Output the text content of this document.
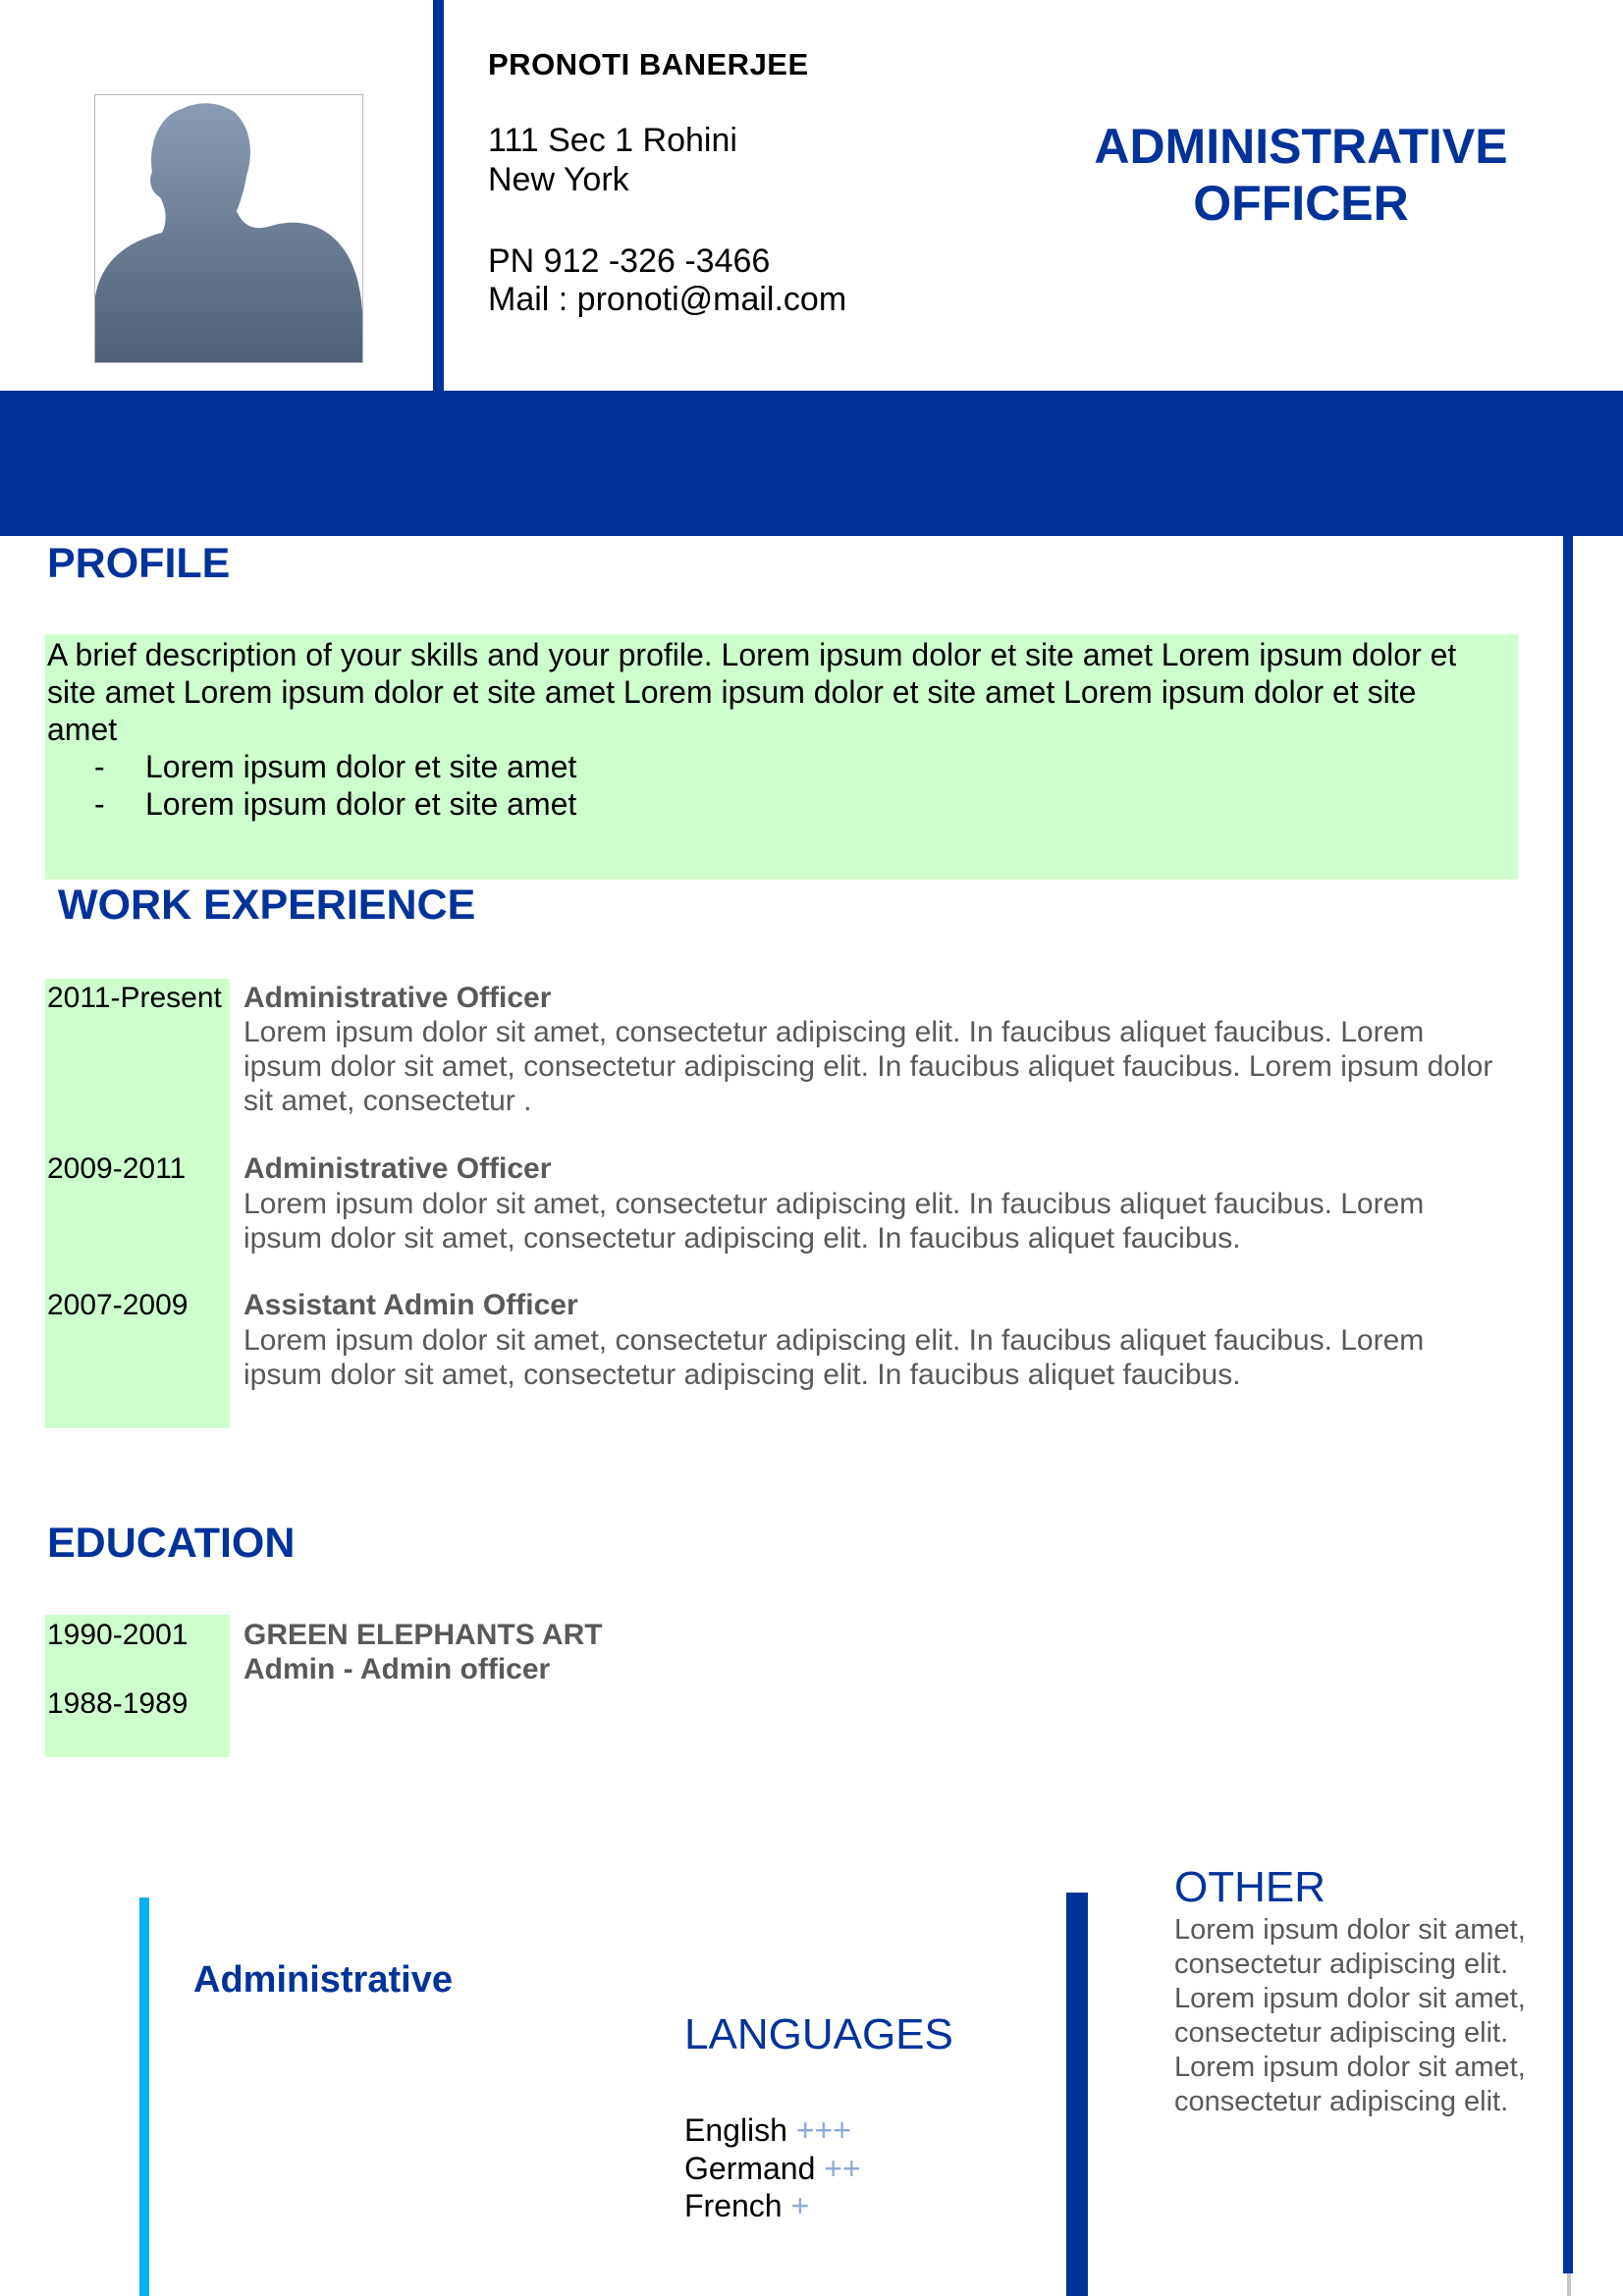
PRONOTI BANERJEE
111 Sec 1 Rohini
New York
PN 912 -326 -3466
Mail : pronoti@mail.com
ADMINISTRATIVE
OFFICER
PROFILE
A brief description of your skills and your profile. Lorem ipsum dolor et site amet Lorem ipsum dolor et
site amet Lorem ipsum dolor et site amet Lorem ipsum dolor et site amet Lorem ipsum dolor et site
amet
- Lorem ipsum dolor et site amet
- Lorem ipsum dolor et site amet
WORK EXPERIENCE
2011-Present Administrative Officer
Lorem ipsum dolor sit amet, consectetur adipiscing elit. In faucibus aliquet faucibus. Lorem
ipsum dolor sit amet, consectetur adipiscing elit. In faucibus aliquet faucibus. Lorem ipsum dolor
sit amet, consectetur .
2009-2011 Administrative Officer
Lorem ipsum dolor sit amet, consectetur adipiscing elit. In faucibus aliquet faucibus. Lorem
ipsum dolor sit amet, consectetur adipiscing elit. In faucibus aliquet faucibus.
2007-2009 Assistant Admin Officer
Lorem ipsum dolor sit amet, consectetur adipiscing elit. In faucibus aliquet faucibus. Lorem
ipsum dolor sit amet, consectetur adipiscing elit. In faucibus aliquet faucibus.
EDUCATION
1990-2001
1988-1989
GREEN ELEPHANTS ART
Admin - Admin officer
Administrative
LANGUAGES
English +++
Germand ++
French +
OTHER
Lorem ipsum dolor sit amet,
consectetur adipiscing elit.
Lorem ipsum dolor sit amet,
consectetur adipiscing elit.
Lorem ipsum dolor sit amet,
consectetur adipiscing elit.
